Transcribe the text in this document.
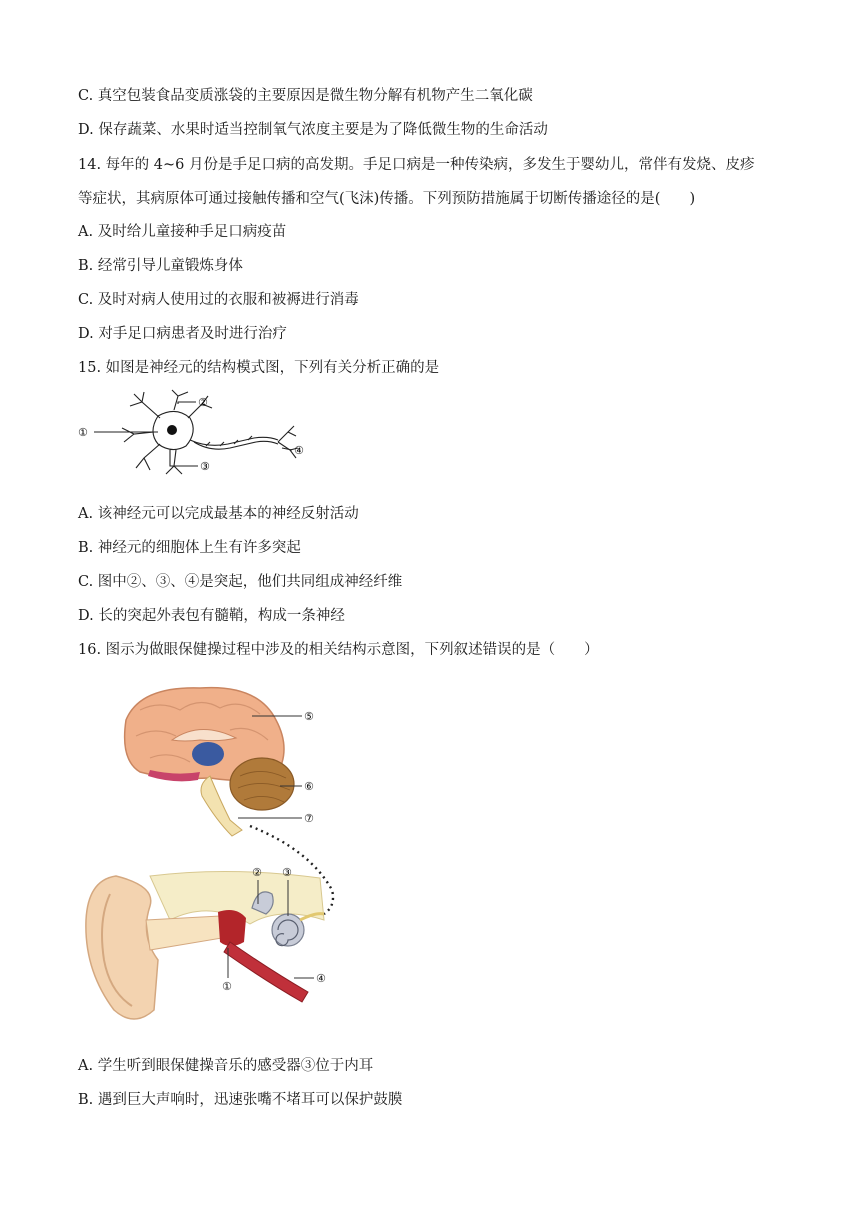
C. 真空包装食品变质涨袋的主要原因是微生物分解有机物产生二氧化碳
D. 保存蔬菜、水果时适当控制氧气浓度主要是为了降低微生物的生命活动
14. 每年的 4~6 月份是手足口病的高发期。手足口病是一种传染病，多发生于婴幼儿，常伴有发烧、皮疹
等症状，其病原体可通过接触传播和空气(飞沫)传播。下列预防措施属于切断传播途径的是(　　)
A. 及时给儿童接种手足口病疫苗
B. 经常引导儿童锻炼身体
C. 及时对病人使用过的衣服和被褥进行消毒
D. 对手足口病患者及时进行治疗
15. 如图是神经元的结构模式图，下列有关分析正确的是
①
②
③
④
A. 该神经元可以完成最基本的神经反射活动
B. 神经元的细胞体上生有许多突起
C. 图中②、③、④是突起，他们共同组成神经纤维
D. 长的突起外表包有髓鞘，构成一条神经
16. 图示为做眼保健操过程中涉及的相关结构示意图，下列叙述错误的是（　　）
⑤
⑥
⑦
② ③
①
④
A. 学生听到眼保健操音乐的感受器③位于内耳
B. 遇到巨大声响时，迅速张嘴不堵耳可以保护鼓膜
